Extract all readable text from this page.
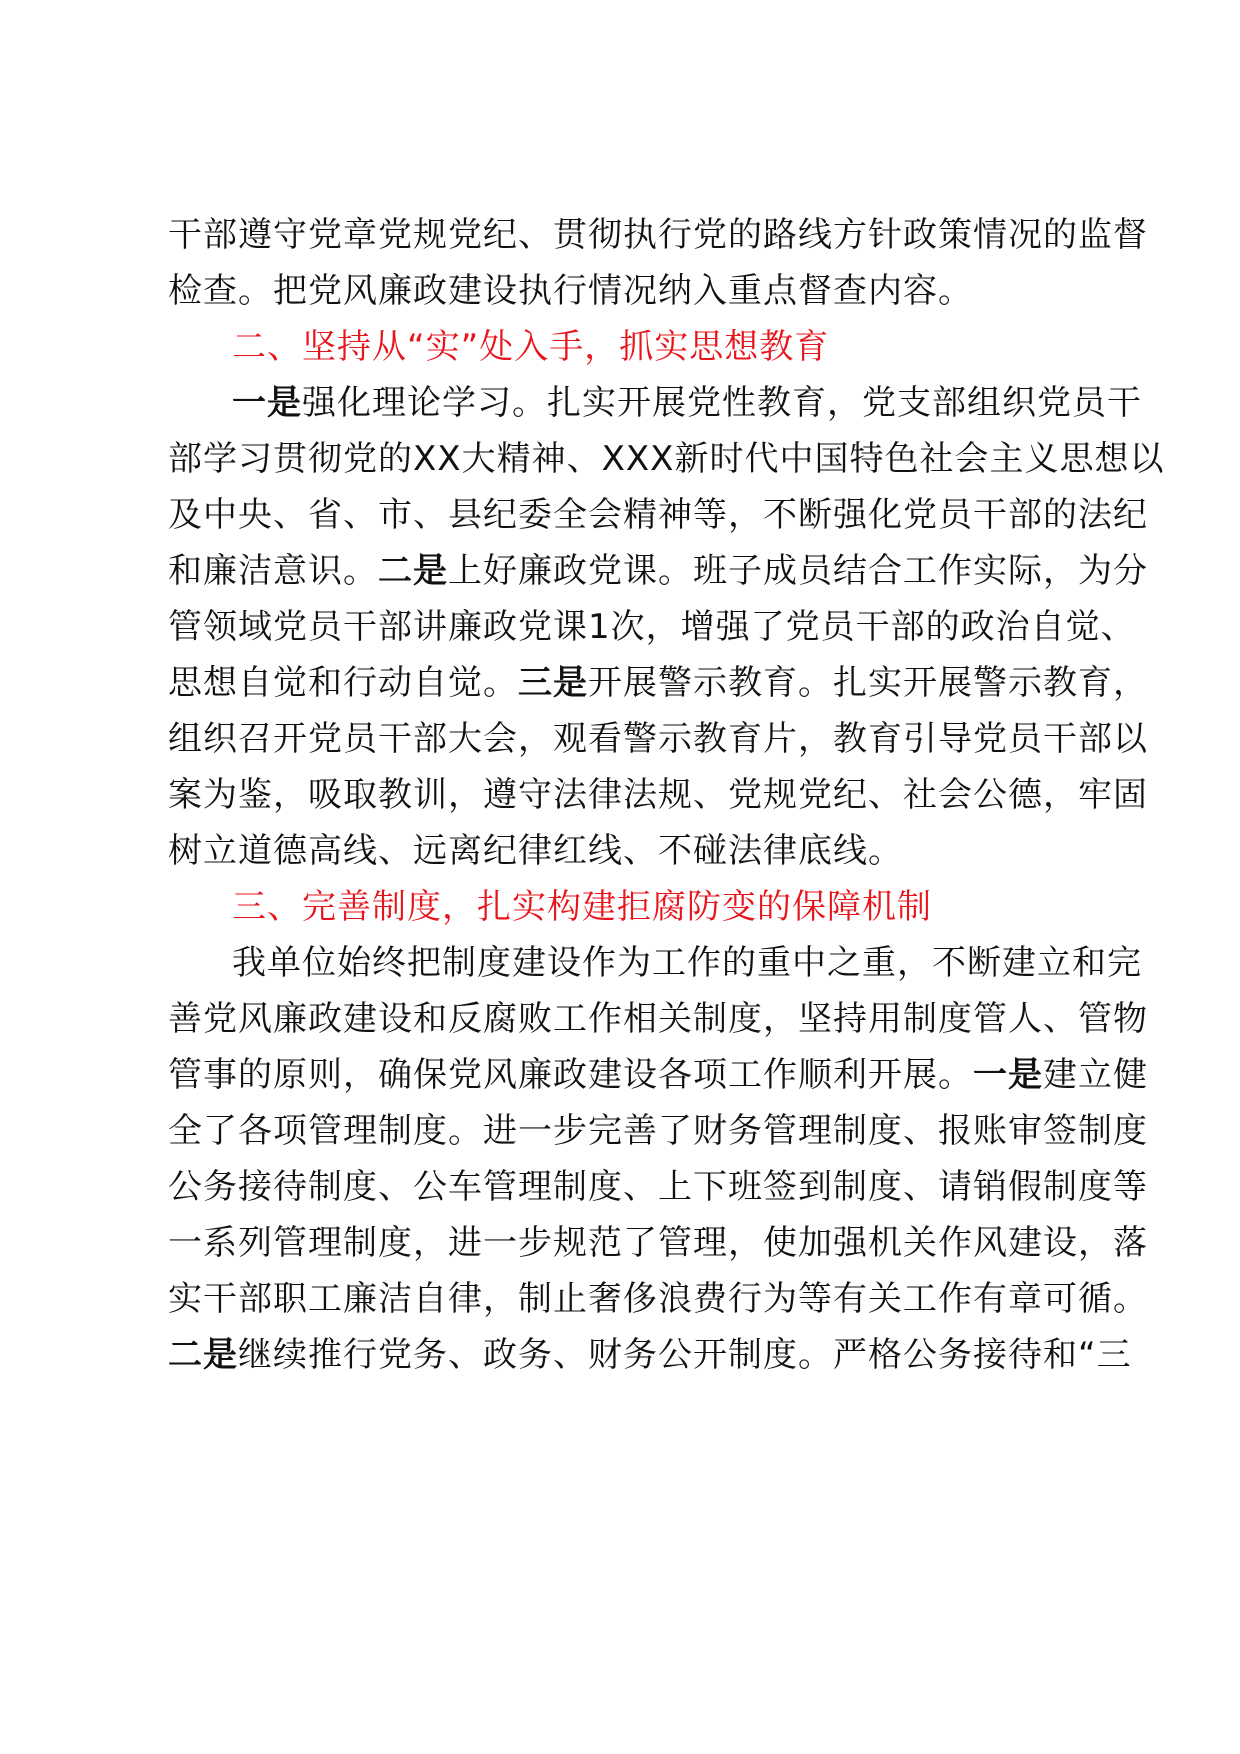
干部遵守党章党规党纪、贯彻执行党的路线方针政策情况的监督
检查。把党风廉政建设执行情况纳入重点督查内容。
二、坚持从“实”处入手，抓实思想教育
一是强化理论学习。扎实开展党性教育，党支部组织党员干
部学习贯彻党的XX大精神、XXX新时代中国特色社会主义思想以
及中央、省、市、县纪委全会精神等，不断强化党员干部的法纪
和廉洁意识。二是上好廉政党课。班子成员结合工作实际，为分
管领域党员干部讲廉政党课1次，增强了党员干部的政治自觉、
思想自觉和行动自觉。三是开展警示教育。扎实开展警示教育，
组织召开党员干部大会，观看警示教育片，教育引导党员干部以
案为鉴，吸取教训，遵守法律法规、党规党纪、社会公德，牢固
树立道德高线、远离纪律红线、不碰法律底线。
三、完善制度，扎实构建拒腐防变的保障机制
我单位始终把制度建设作为工作的重中之重，不断建立和完
善党风廉政建设和反腐败工作相关制度，坚持用制度管人、管物
管事的原则，确保党风廉政建设各项工作顺利开展。一是建立健
全了各项管理制度。进一步完善了财务管理制度、报账审签制度
公务接待制度、公车管理制度、上下班签到制度、请销假制度等
一系列管理制度，进一步规范了管理，使加强机关作风建设，落
实干部职工廉洁自律，制止奢侈浪费行为等有关工作有章可循。
二是继续推行党务、政务、财务公开制度。严格公务接待和“三
